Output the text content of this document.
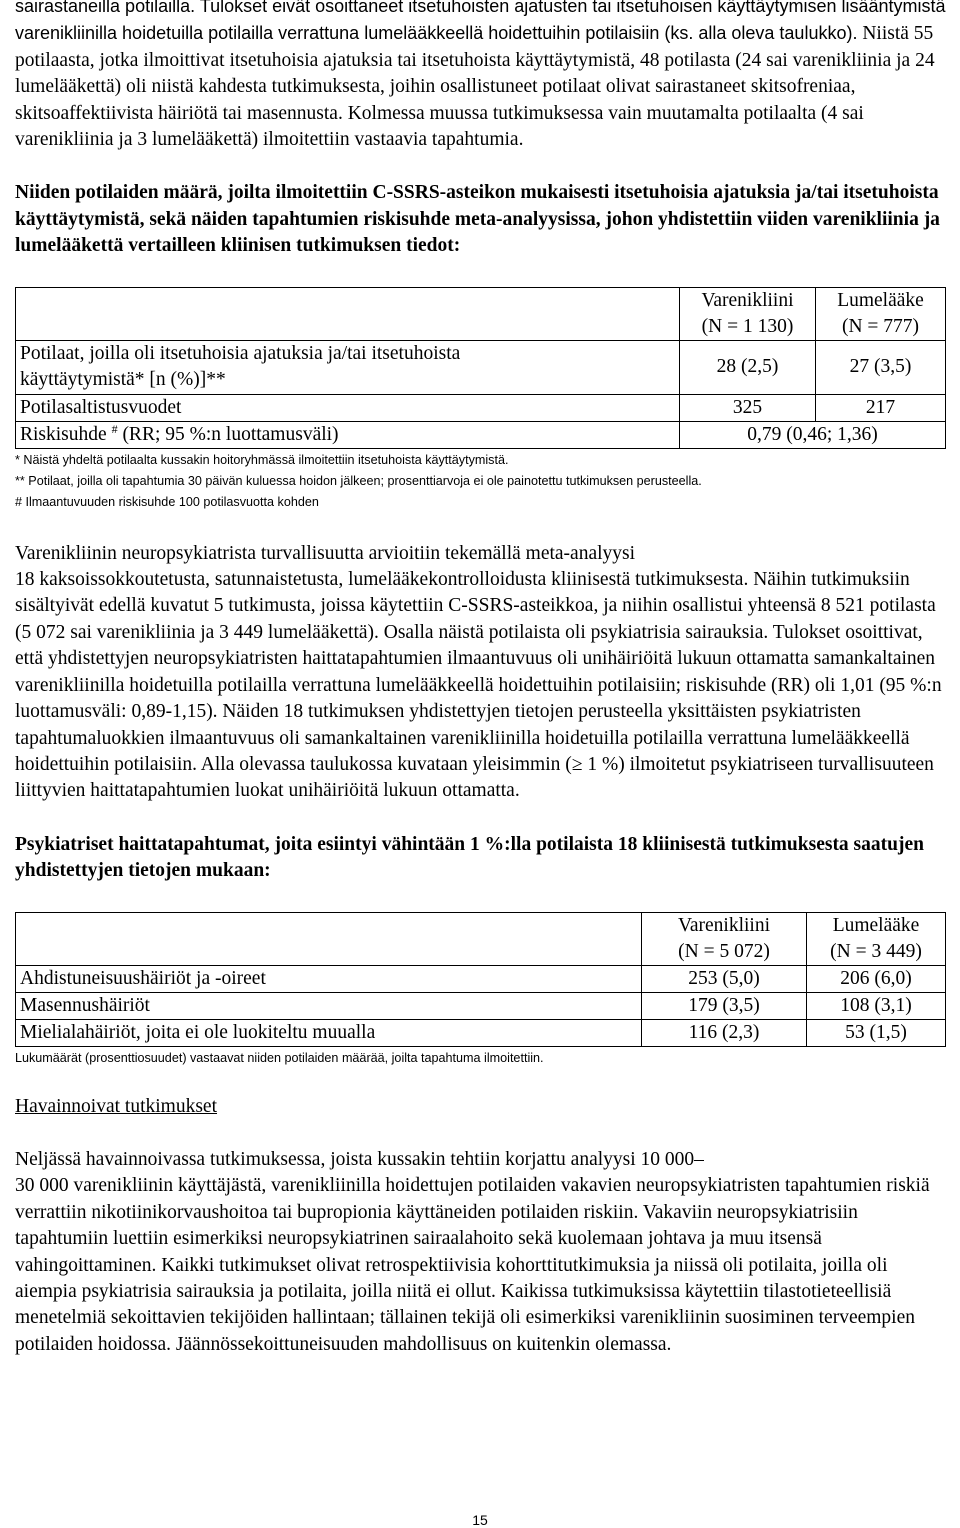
sairastaneilla potilailla. Tulokset eivät osoittaneet itsetuhoisten ajatusten tai itsetuhoisen käyttäytymisen lisääntymistä varenikliinilla hoidetuilla potilailla verrattuna lumelääkkeellä hoidettuihin potilaisiin (ks. alla oleva taulukko). Niistä 55 potilaasta, jotka ilmoittivat itsetuhoisia ajatuksia tai itsetuhoista käyttäytymistä, 48 potilasta (24 sai varenikliinia ja 24 lumelääkettä) oli niistä kahdesta tutkimuksesta, joihin osallistuneet potilaat olivat sairastaneet skitsofreniaa, skitsoaffektiivista häiriötä tai masennusta. Kolmessa muussa tutkimuksessa vain muutamalta potilaalta (4 sai varenikliinia ja 3 lumelääkettä) ilmoitettiin vastaavia tapahtumia.

Niiden potilaiden määrä, joilta ilmoitettiin C-SSRS-asteikon mukaisesti itsetuhoisia ajatuksia ja/tai itsetuhoista käyttäytymistä, sekä näiden tapahtumien riskisuhde meta-analyysissa, johon yhdistettiin viiden varenikliinia ja lumelääkettä vertailleen kliinisen tutkimuksen tiedot:

	Varenikliini
(N = 1 130)	Lumelääke
(N = 777)
Potilaat, joilla oli itsetuhoisia ajatuksia ja/tai itsetuhoista
käyttäytymistä* [n (%)]**	28 (2,5)	27 (3,5)
Potilasaltistusvuodet	325	217
Riskisuhde # (RR; 95 %:n luottamusväli)	0,79 (0,46; 1,36)	
* Näistä yhdeltä potilaalta kussakin hoitoryhmässä ilmoitettiin itsetuhoista käyttäytymistä.
** Potilaat, joilla oli tapahtumia 30 päivän kuluessa hoidon jälkeen; prosenttiarvoja ei ole painotettu tutkimuksen perusteella.
# Ilmaantuvuuden riskisuhde 100 potilasvuotta kohden

Varenikliinin neuropsykiatrista turvallisuutta arvioitiin tekemällä meta-analyysi
18 kaksoissokkoutetusta, satunnaistetusta, lumelääkekontrolloidusta kliinisestä tutkimuksesta. Näihin tutkimuksiin sisältyivät edellä kuvatut 5 tutkimusta, joissa käytettiin C-SSRS-asteikkoa, ja niihin osallistui yhteensä 8 521 potilasta (5 072 sai varenikliinia ja 3 449 lumelääkettä). Osalla näistä potilaista oli psykiatrisia sairauksia. Tulokset osoittivat, että yhdistettyjen neuropsykiatristen haittatapahtumien ilmaantuvuus oli unihäiriöitä lukuun ottamatta samankaltainen varenikliinilla hoidetuilla potilailla verrattuna lumelääkkeellä hoidettuihin potilaisiin; riskisuhde (RR) oli 1,01 (95 %:n luottamusväli: 0,89-1,15). Näiden 18 tutkimuksen yhdistettyjen tietojen perusteella yksittäisten psykiatristen tapahtumaluokkien ilmaantuvuus oli samankaltainen varenikliinilla hoidetuilla potilailla verrattuna lumelääkkeellä hoidettuihin potilaisiin. Alla olevassa taulukossa kuvataan yleisimmin (≥ 1 %) ilmoitetut psykiatriseen turvallisuuteen liittyvien haittatapahtumien luokat unihäiriöitä lukuun ottamatta.

Psykiatriset haittatapahtumat, joita esiintyi vähintään 1 %:lla potilaista 18 kliinisestä tutkimuksesta saatujen yhdistettyjen tietojen mukaan:

	Varenikliini
(N = 5 072)	Lumelääke
(N = 3 449)
Ahdistuneisuushäiriöt ja -oireet	253 (5,0)	206 (6,0)
Masennushäiriöt	179 (3,5)	108 (3,1)
Mielialahäiriöt, joita ei ole luokiteltu muualla	116 (2,3)	53 (1,5)
Lukumäärät (prosenttiosuudet) vastaavat niiden potilaiden määrää, joilta tapahtuma ilmoitettiin.

Havainnoivat tutkimukset

Neljässä havainnoivassa tutkimuksessa, joista kussakin tehtiin korjattu analyysi 10 000–
30 000 varenikliinin käyttäjästä, varenikliinilla hoidettujen potilaiden vakavien neuropsykiatristen tapahtumien riskiä verrattiin nikotiinikorvaushoitoa tai bupropionia käyttäneiden potilaiden riskiin. Vakaviin neuropsykiatrisiin tapahtumiin luettiin esimerkiksi neuropsykiatrinen sairaalahoito sekä kuolemaan johtava ja muu itsensä vahingoittaminen. Kaikki tutkimukset olivat retrospektiivisia kohorttitutkimuksia ja niissä oli potilaita, joilla oli aiempia psykiatrisia sairauksia ja potilaita, joilla niitä ei ollut. Kaikissa tutkimuksissa käytettiin tilastotieteellisiä menetelmiä sekoittavien tekijöiden hallintaan; tällainen tekijä oli esimerkiksi varenikliinin suosiminen terveempien potilaiden hoidossa. Jäännössekoittuneisuuden mahdollisuus on kuitenkin olemassa.

15
